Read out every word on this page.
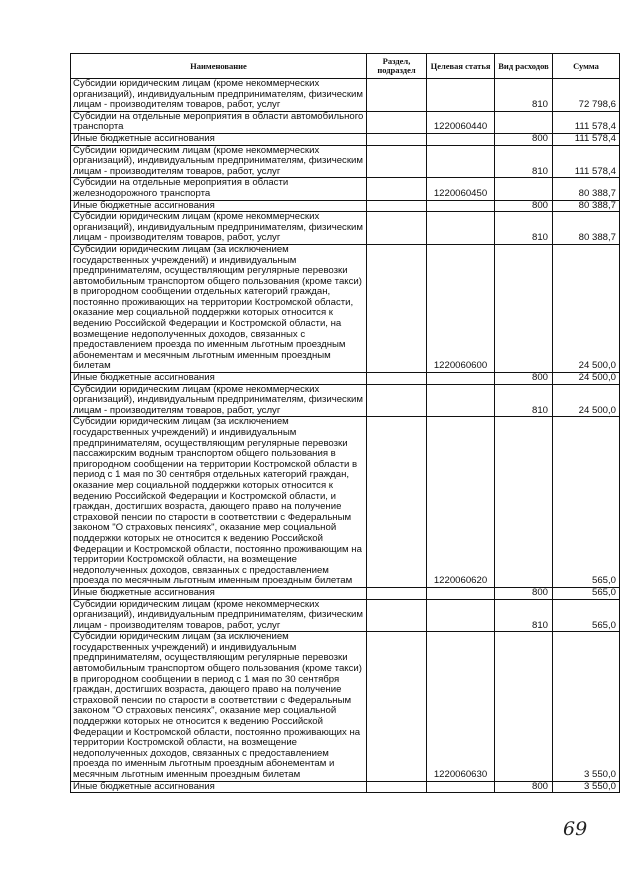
Наименование	Раздел, подраздел	Целевая статья	Вид расходов	Сумма
Субсидии юридическим лицам (кроме некоммерческих организаций), индивидуальным предпринимателям, физическим лицам - производителям товаров, работ, услуг			810	72 798,6
Субсидии на отдельные мероприятия в области автомобильного транспорта		1220060440		111 578,4
Иные бюджетные ассигнования			800	111 578,4
Субсидии юридическим лицам (кроме некоммерческих организаций), индивидуальным предпринимателям, физическим лицам - производителям товаров, работ, услуг			810	111 578,4
Субсидии на отдельные мероприятия в области железнодорожного транспорта		1220060450		80 388,7
Иные бюджетные ассигнования			800	80 388,7
Субсидии юридическим лицам (кроме некоммерческих организаций), индивидуальным предпринимателям, физическим лицам - производителям товаров, работ, услуг			810	80 388,7
Субсидии юридическим лицам (за исключением государственных учреждений) и индивидуальным предпринимателям, осуществляющим регулярные перевозки автомобильным транспортом общего пользования (кроме такси) в пригородном сообщении отдельных категорий граждан, постоянно проживающих на территории Костромской области, оказание мер социальной поддержки которых относится к ведению Российской Федерации и Костромской области, на возмещение недополученных доходов, связанных с предоставлением проезда по именным льготным проездным абонементам и месячным льготным именным проездным билетам		1220060600		24 500,0
Иные бюджетные ассигнования			800	24 500,0
Субсидии юридическим лицам (кроме некоммерческих организаций), индивидуальным предпринимателям, физическим лицам - производителям товаров, работ, услуг			810	24 500,0
Субсидии юридическим лицам (за исключением государственных учреждений) и индивидуальным предпринимателям, осуществляющим регулярные перевозки пассажирским водным транспортом общего пользования в пригородном сообщении на территории Костромской области в период с 1 мая по 30 сентября отдельных категорий граждан, оказание мер социальной поддержки которых относится к ведению Российской Федерации и Костромской области, и граждан, достигших возраста, дающего право на получение страховой пенсии по старости в соответствии с Федеральным законом "О страховых пенсиях", оказание мер социальной поддержки которых не относится к ведению Российской Федерации и Костромской области, постоянно проживающим на территории Костромской области, на возмещение недополученных доходов, связанных с предоставлением проезда по месячным льготным именным проездным билетам		1220060620		565,0
Иные бюджетные ассигнования			800	565,0
Субсидии юридическим лицам (кроме некоммерческих организаций), индивидуальным предпринимателям, физическим лицам - производителям товаров, работ, услуг			810	565,0
Субсидии юридическим лицам (за исключением государственных учреждений) и индивидуальным предпринимателям, осуществляющим регулярные перевозки автомобильным транспортом общего пользования (кроме такси) в пригородном сообщении в период с 1 мая по 30 сентября граждан, достигших возраста, дающего право на получение страховой пенсии по старости в соответствии с Федеральным законом "О страховых пенсиях", оказание мер социальной поддержки которых не относится к ведению Российской Федерации и Костромской области, постоянно проживающих на территории Костромской области, на возмещение недополученных доходов, связанных с предоставлением проезда по именным льготным проездным абонементам и месячным льготным именным проездным билетам		1220060630		3 550,0
Иные бюджетные ассигнования			800	3 550,0
69
